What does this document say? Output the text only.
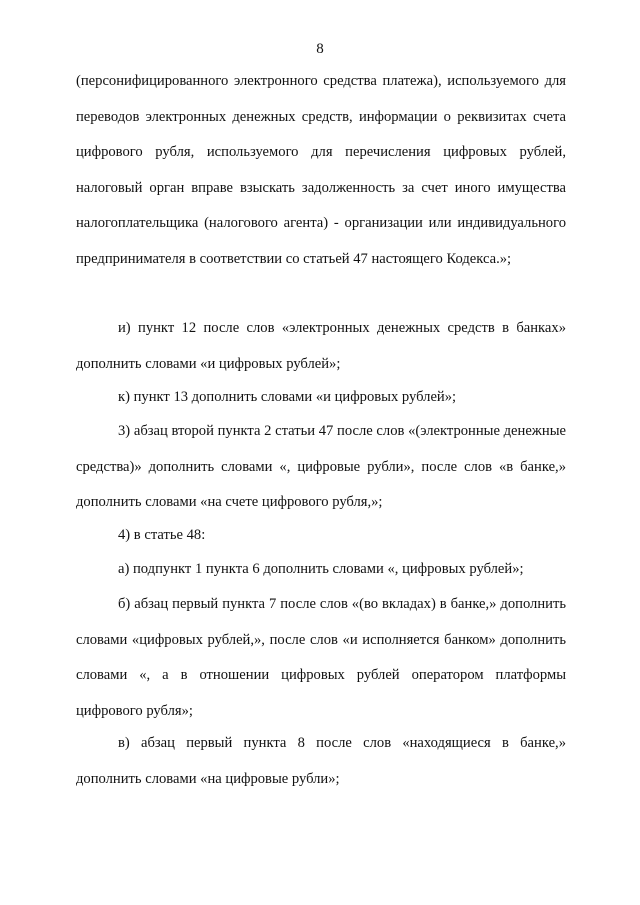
8

(персонифицированного электронного средства платежа), используемого для переводов электронных денежных средств, информации о реквизитах счета цифрового рубля, используемого для перечисления цифровых рублей, налоговый орган вправе взыскать задолженность за счет иного имущества налогоплательщика (налогового агента) - организации или индивидуального предпринимателя в соответствии со статьей 47 настоящего Кодекса.»;

и) пункт 12 после слов «электронных денежных средств в банках» дополнить словами «и цифровых рублей»;

к) пункт 13 дополнить словами «и цифровых рублей»;

3) абзац второй пункта 2 статьи 47 после слов «(электронные денежные средства)» дополнить словами «, цифровые рубли», после слов «в банке,» дополнить словами «на счете цифрового рубля,»;

4) в статье 48:

а) подпункт 1 пункта 6 дополнить словами «, цифровых рублей»;

б) абзац первый пункта 7 после слов «(во вкладах) в банке,» дополнить словами «цифровых рублей,», после слов «и исполняется банком» дополнить словами «, а в отношении цифровых рублей оператором платформы цифрового рубля»;

в) абзац первый пункта 8 после слов «находящиеся в банке,» дополнить словами «на цифровые рубли»;
